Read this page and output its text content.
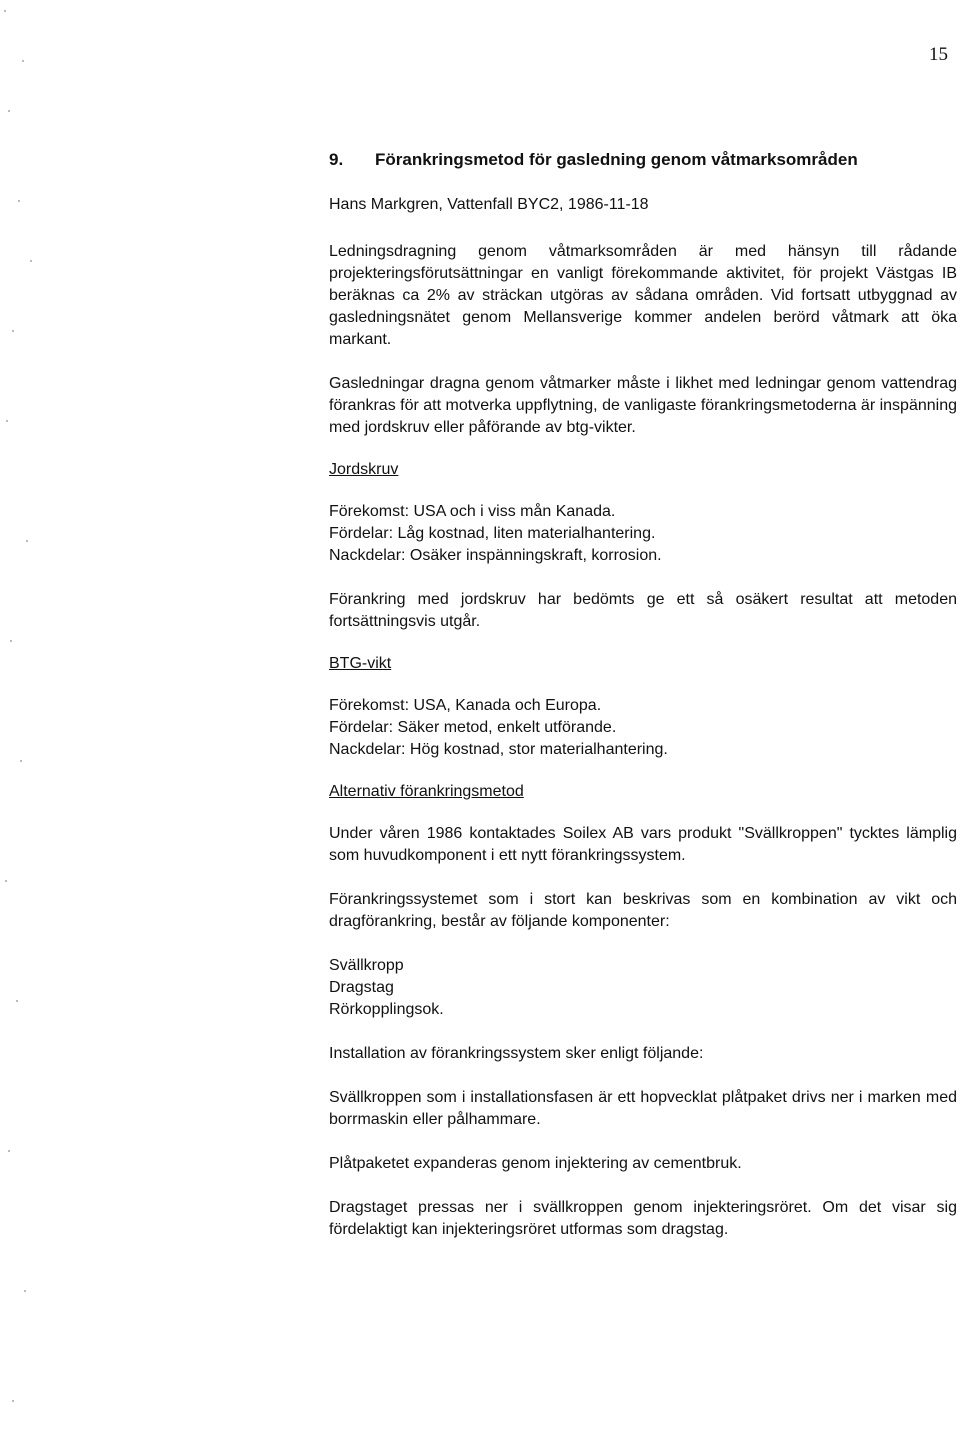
15
9.	Förankringsmetod för gasledning genom våtmarksområden
Hans Markgren, Vattenfall BYC2, 1986-11-18

Ledningsdragning genom våtmarksområden är med hänsyn till rådande projekteringsförutsättningar en vanligt förekommande aktivitet, för projekt Västgas IB beräknas ca 2% av sträckan utgöras av sådana områden. Vid fortsatt utbyggnad av gasledningsnätet genom Mellansverige kommer andelen berörd våtmark att öka markant.

Gasledningar dragna genom våtmarker måste i likhet med ledningar genom vattendrag förankras för att motverka uppflytning, de vanligaste förankringsmetoderna är inspänning med jordskruv eller påförande av btg-vikter.

Jordskruv
Förekomst: USA och i viss mån Kanada.
Fördelar: Låg kostnad, liten materialhantering.
Nackdelar: Osäker inspänningskraft, korrosion.

Förankring med jordskruv har bedömts ge ett så osäkert resultat att metoden fortsättningsvis utgår.

BTG-vikt
Förekomst: USA, Kanada och Europa.
Fördelar: Säker metod, enkelt utförande.
Nackdelar: Hög kostnad, stor materialhantering.
Alternativ förankringsmetod

Under våren 1986 kontaktades Soilex AB vars produkt "Svällkroppen" tycktes lämplig som huvudkomponent i ett nytt förankringssystem.

Förankringssystemet som i stort kan beskrivas som en kombination av vikt och dragförankring, består av följande komponenter:

Svällkropp
Dragstag
Rörkopplingsok.

Installation av förankringssystem sker enligt följande:

Svällkroppen som i installationsfasen är ett hopvecklat plåtpaket drivs ner i marken med borrmaskin eller pålhammare.

Plåtpaketet expanderas genom injektering av cementbruk.

Dragstaget pressas ner i svällkroppen genom injekteringsröret. Om det visar sig fördelaktigt kan injekteringsröret utformas som dragstag.
